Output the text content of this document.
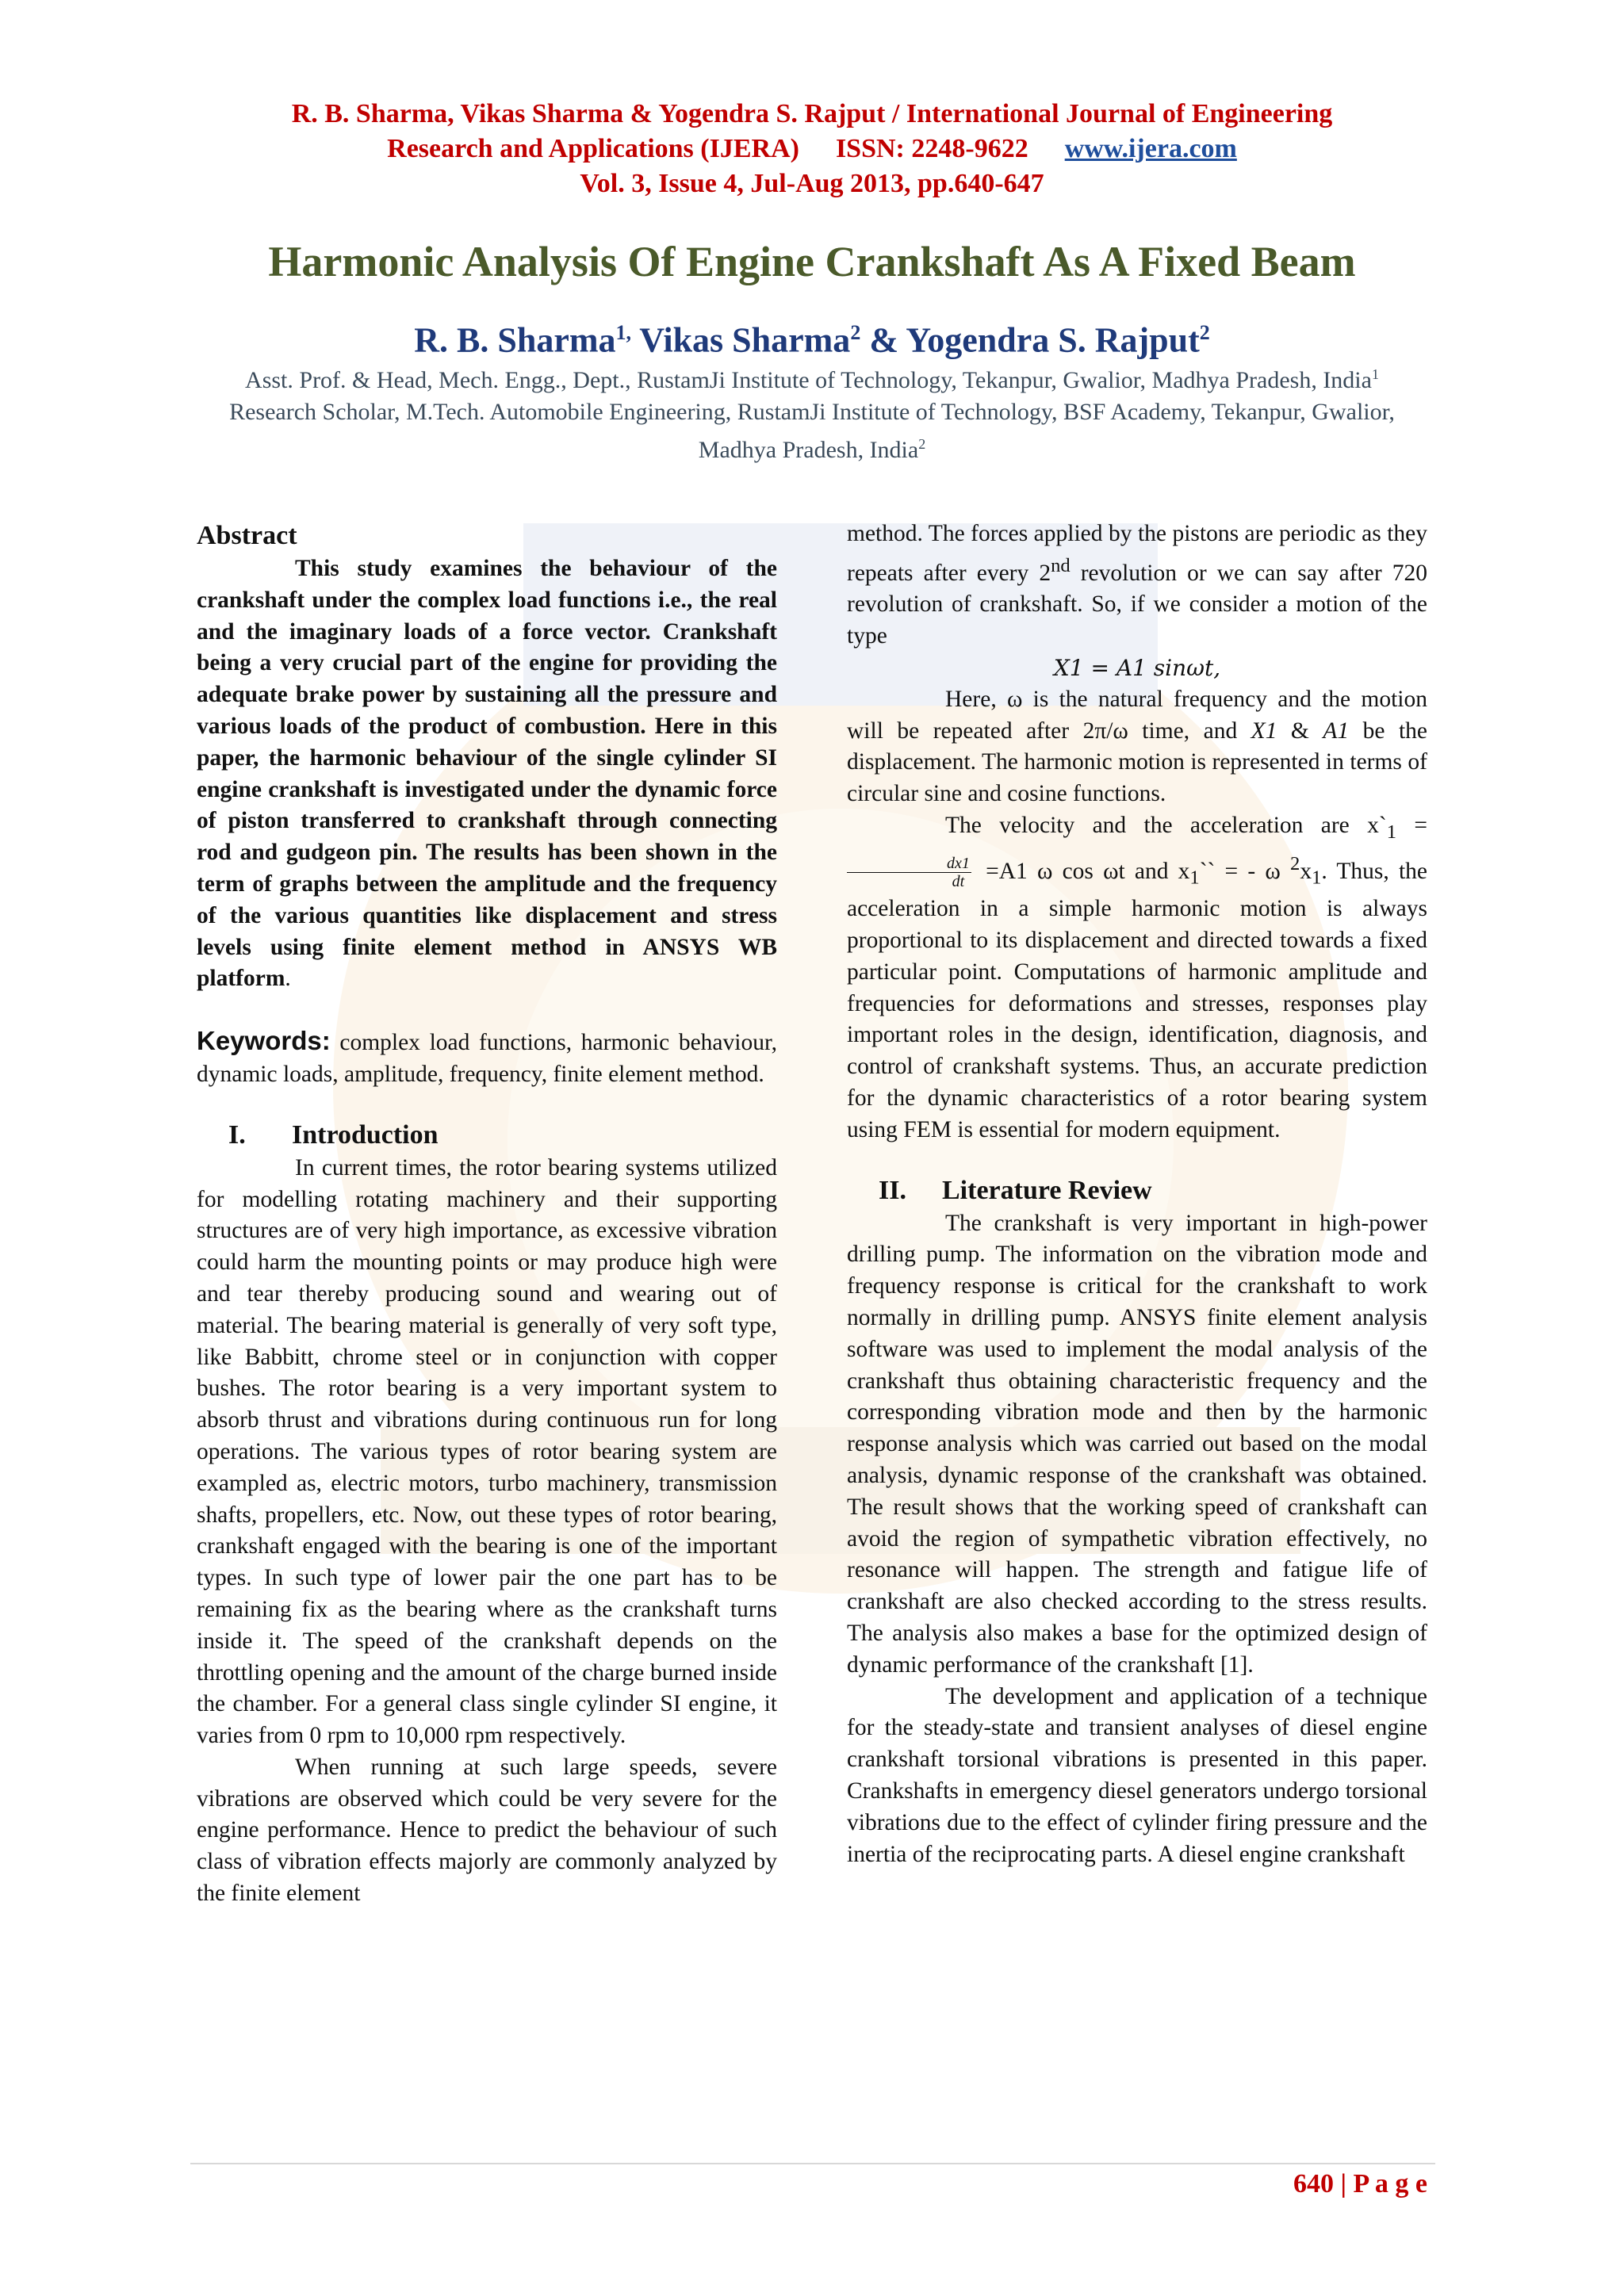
R. B. Sharma, Vikas Sharma & Yogendra S. Rajput / International Journal of Engineering
Research and Applications (IJERA) ISSN: 2248-9622 www.ijera.com
Vol. 3, Issue 4, Jul-Aug 2013, pp.640-647
Harmonic Analysis Of Engine Crankshaft As A Fixed Beam
R. B. Sharma$^{1,}$ Vikas Sharma$^2$ & Yogendra S. Rajput$^2$
Asst. Prof. & Head, Mech. Engg., Dept., RustamJi Institute of Technology, Tekanpur, Gwalior, Madhya Pradesh, India$^1$
Research Scholar, M.Tech. Automobile Engineering, RustamJi Institute of Technology, BSF Academy, Tekanpur, Gwalior, Madhya Pradesh, India$^2$

Abstract

This study examines the behaviour of the crankshaft under the complex load functions i.e., the real and the imaginary loads of a force vector. Crankshaft being a very crucial part of the engine for providing the adequate brake power by sustaining all the pressure and various loads of the product of combustion. Here in this paper, the harmonic behaviour of the single cylinder SI engine crankshaft is investigated under the dynamic force of piston transferred to crankshaft through connecting rod and gudgeon pin. The results has been shown in the term of graphs between the amplitude and the frequency of the various quantities like displacement and stress levels using finite element method in ANSYS WB platform.

Keywords: complex load functions, harmonic behaviour, dynamic loads, amplitude, frequency, finite element method.

I. Introduction

In current times, the rotor bearing systems utilized for modelling rotating machinery and their supporting structures are of very high importance, as excessive vibration could harm the mounting points or may produce high were and tear thereby producing sound and wearing out of material. The bearing material is generally of very soft type, like Babbitt, chrome steel or in conjunction with copper bushes. The rotor bearing is a very important system to absorb thrust and vibrations during continuous run for long operations. The various types of rotor bearing system are exampled as, electric motors, turbo machinery, transmission shafts, propellers, etc. Now, out these types of rotor bearing, crankshaft engaged with the bearing is one of the important types. In such type of lower pair the one part has to be remaining fix as the bearing where as the crankshaft turns inside it. The speed of the crankshaft depends on the throttling opening and the amount of the charge burned inside the chamber. For a general class single cylinder SI engine, it varies from 0 rpm to 10,000 rpm respectively.

When running at such large speeds, severe vibrations are observed which could be very severe for the engine performance. Hence to predict the behaviour of such class of vibration effects majorly are commonly analyzed by the finite element

method. The forces applied by the pistons are periodic as they repeats after every 2nd revolution or we can say after 720 revolution of crankshaft. So, if we consider a motion of the type

X1 = A1 sinωt,

Here, ω is the natural frequency and the motion will be repeated after 2π/ω time, and X1 & A1 be the displacement. The harmonic motion is represented in terms of circular sine and cosine functions.

The velocity and the acceleration are $x`_1$ =
$\frac{dx1}{dt} =A1$ ω cos ωt and $x_1``$ = - ω $^2x_1$. Thus, the acceleration in a simple harmonic motion is always proportional to its displacement and directed towards a fixed particular point. Computations of harmonic amplitude and frequencies for deformations and stresses, responses play important roles in the design, identification, diagnosis, and control of crankshaft systems. Thus, an accurate prediction for the dynamic characteristics of a rotor bearing system using FEM is essential for modern equipment.

II. Literature Review

The crankshaft is very important in high-power drilling pump. The information on the vibration mode and frequency response is critical for the crankshaft to work normally in drilling pump. ANSYS finite element analysis software was used to implement the modal analysis of the crankshaft thus obtaining characteristic frequency and the corresponding vibration mode and then by the harmonic response analysis which was carried out based on the modal analysis, dynamic response of the crankshaft was obtained. The result shows that the working speed of crankshaft can avoid the region of sympathetic vibration effectively, no resonance will happen. The strength and fatigue life of crankshaft are also checked according to the stress results. The analysis also makes a base for the optimized design of dynamic performance of the crankshaft [1].

The development and application of a technique for the steady-state and transient analyses of diesel engine crankshaft torsional vibrations is presented in this paper. Crankshafts in emergency diesel generators undergo torsional vibrations due to the effect of cylinder firing pressure and the inertia of the reciprocating parts. A diesel engine crankshaft

640 | P a g e
